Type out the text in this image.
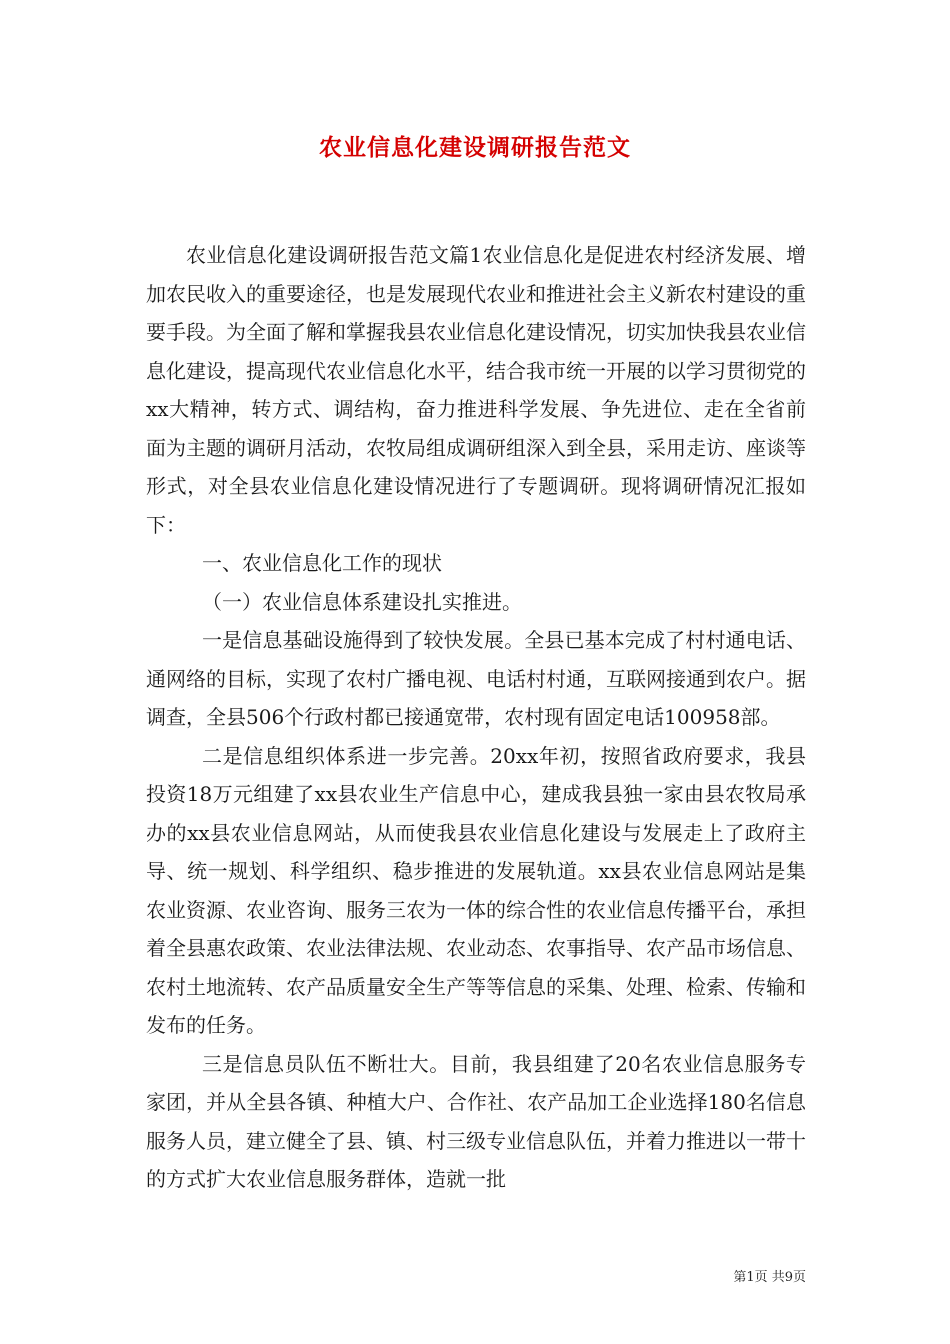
农业信息化建设调研报告范文

农业信息化建设调研报告范文篇1农业信息化是促进农村经济发展、增加农民收入的重要途径，也是发展现代农业和推进社会主义新农村建设的重要手段。为全面了解和掌握我县农业信息化建设情况，切实加快我县农业信息化建设，提高现代农业信息化水平，结合我市统一开展的以学习贯彻党的xx大精神，转方式、调结构，奋力推进科学发展、争先进位、走在全省前面为主题的调研月活动，农牧局组成调研组深入到全县，采用走访、座谈等形式，对全县农业信息化建设情况进行了专题调研。现将调研情况汇报如下：

一、农业信息化工作的现状

（一）农业信息体系建设扎实推进。

一是信息基础设施得到了较快发展。全县已基本完成了村村通电话、通网络的目标，实现了农村广播电视、电话村村通，互联网接通到农户。据调查，全县506个行政村都已接通宽带，农村现有固定电话100958部。

二是信息组织体系进一步完善。20xx年初，按照省政府要求，我县投资18万元组建了xx县农业生产信息中心，建成我县独一家由县农牧局承办的xx县农业信息网站，从而使我县农业信息化建设与发展走上了政府主导、统一规划、科学组织、稳步推进的发展轨道。xx县农业信息网站是集农业资源、农业咨询、服务三农为一体的综合性的农业信息传播平台，承担着全县惠农政策、农业法律法规、农业动态、农事指导、农产品市场信息、农村土地流转、农产品质量安全生产等等信息的采集、处理、检索、传输和发布的任务。

三是信息员队伍不断壮大。目前，我县组建了20名农业信息服务专家团，并从全县各镇、种植大户、合作社、农产品加工企业选择180名信息服务人员，建立健全了县、镇、村三级专业信息队伍，并着力推进以一带十的方式扩大农业信息服务群体，造就一批

第1页 共9页
